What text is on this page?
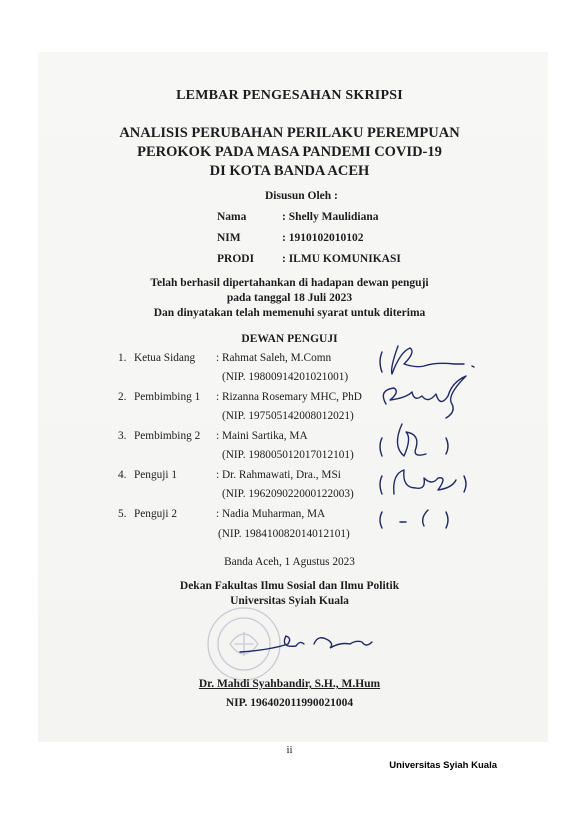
LEMBAR PENGESAHAN SKRIPSI
ANALISIS PERUBAHAN PERILAKU PEREMPUAN
PEROKOK PADA MASA PANDEMI COVID-19
DI KOTA BANDA ACEH
Disusun Oleh :
Nama	: Shelly Maulidiana
NIM	: 1910102010102
PRODI : ILMU KOMUNIKASI
Telah berhasil dipertahankan di hadapan dewan penguji
pada tanggal 18 Juli 2023
Dan dinyatakan telah memenuhi syarat untuk diterima
DEWAN PENGUJI
1. Ketua Sidang : Rahmat Saleh, M.Comn
(NIP. 19800914201021001)
2. Pembimbing 1 : Rizanna Rosemary MHC, PhD
(NIP. 197505142008012021)
3. Pembimbing 2 : Maini Sartika, MA
(NIP. 198005012017012101)
4. Penguji 1	: Dr. Rahmawati, Dra., MSi
(NIP. 196209022000122003)
5. Penguji 2	: Nadia Muharman, MA
(NIP. 198410082014012101)
Banda Aceh, 1 Agustus 2023
Dekan Fakultas Ilmu Sosial dan Ilmu Politik
Universitas Syiah Kuala
Dr. Mahdi Syahbandir, S.H., M.Hum
NIP. 196402011990021004
ii
Universitas Syiah Kuala
